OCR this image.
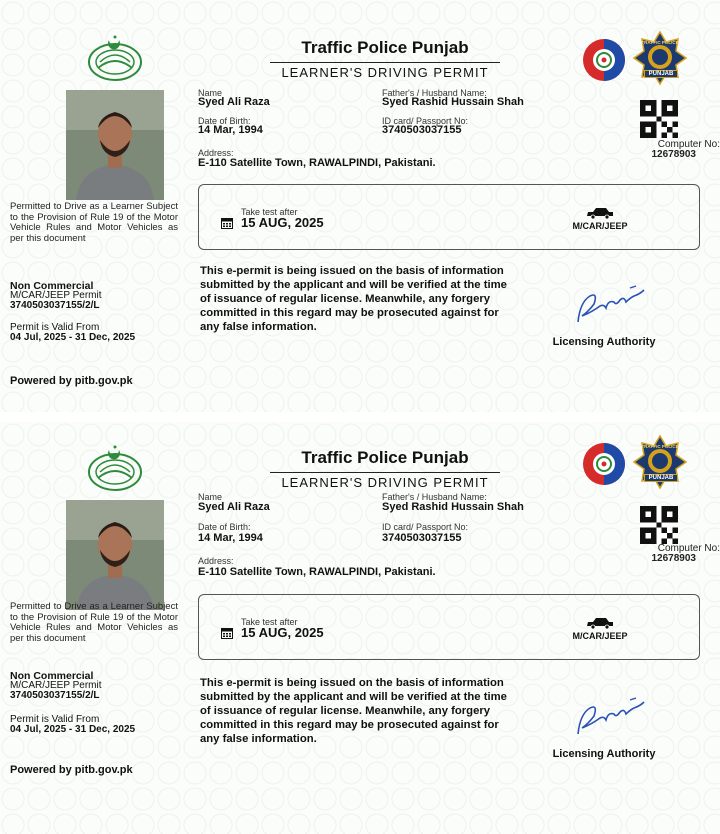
Traffic Police Punjab
LEARNER'S DRIVING PERMIT
TRAFFIC POLICE
PUNJAB
Name
Syed Ali Raza
Father's / Husband Name:
Syed Rashid Hussain Shah
Date of Birth:
14 Mar, 1994
ID card/ Passport No:
3740503037155
Address:
E-110 Satellite Town, RAWALPINDI, Pakistani.
Computer No:
12678903
Take test after
15 AUG, 2025	M/CAR/JEEP
Permitted to Drive as a Learner Subject to the Provision of Rule 19 of the Motor Vehicle Rules and Motor Vehicles as per this document
Non Commercial
M/CAR/JEEP Permit
3740503037155/2/L
Permit is Valid From
04 Jul, 2025 - 31 Dec, 2025
Powered by pitb.gov.pk
This e-permit is being issued on the basis of information submitted by the applicant and will be verified at the time of issuance of regular license. Meanwhile, any forgery committed in this regard may be prosecuted against for any false information.
Licensing Authority
Traffic Police Punjab
LEARNER'S DRIVING PERMIT
TRAFFIC POLICE
PUNJAB
Name
Syed Ali Raza
Father's / Husband Name:
Syed Rashid Hussain Shah
Date of Birth:
14 Mar, 1994
ID card/ Passport No:
3740503037155
Address:
E-110 Satellite Town, RAWALPINDI, Pakistani.
Computer No:
12678903
Take test after
15 AUG, 2025	M/CAR/JEEP
Permitted to Drive as a Learner Subject to the Provision of Rule 19 of the Motor Vehicle Rules and Motor Vehicles as per this document
Non Commercial
M/CAR/JEEP Permit
3740503037155/2/L
Permit is Valid From
04 Jul, 2025 - 31 Dec, 2025
Powered by pitb.gov.pk
This e-permit is being issued on the basis of information submitted by the applicant and will be verified at the time of issuance of regular license. Meanwhile, any forgery committed in this regard may be prosecuted against for any false information.
Licensing Authority
